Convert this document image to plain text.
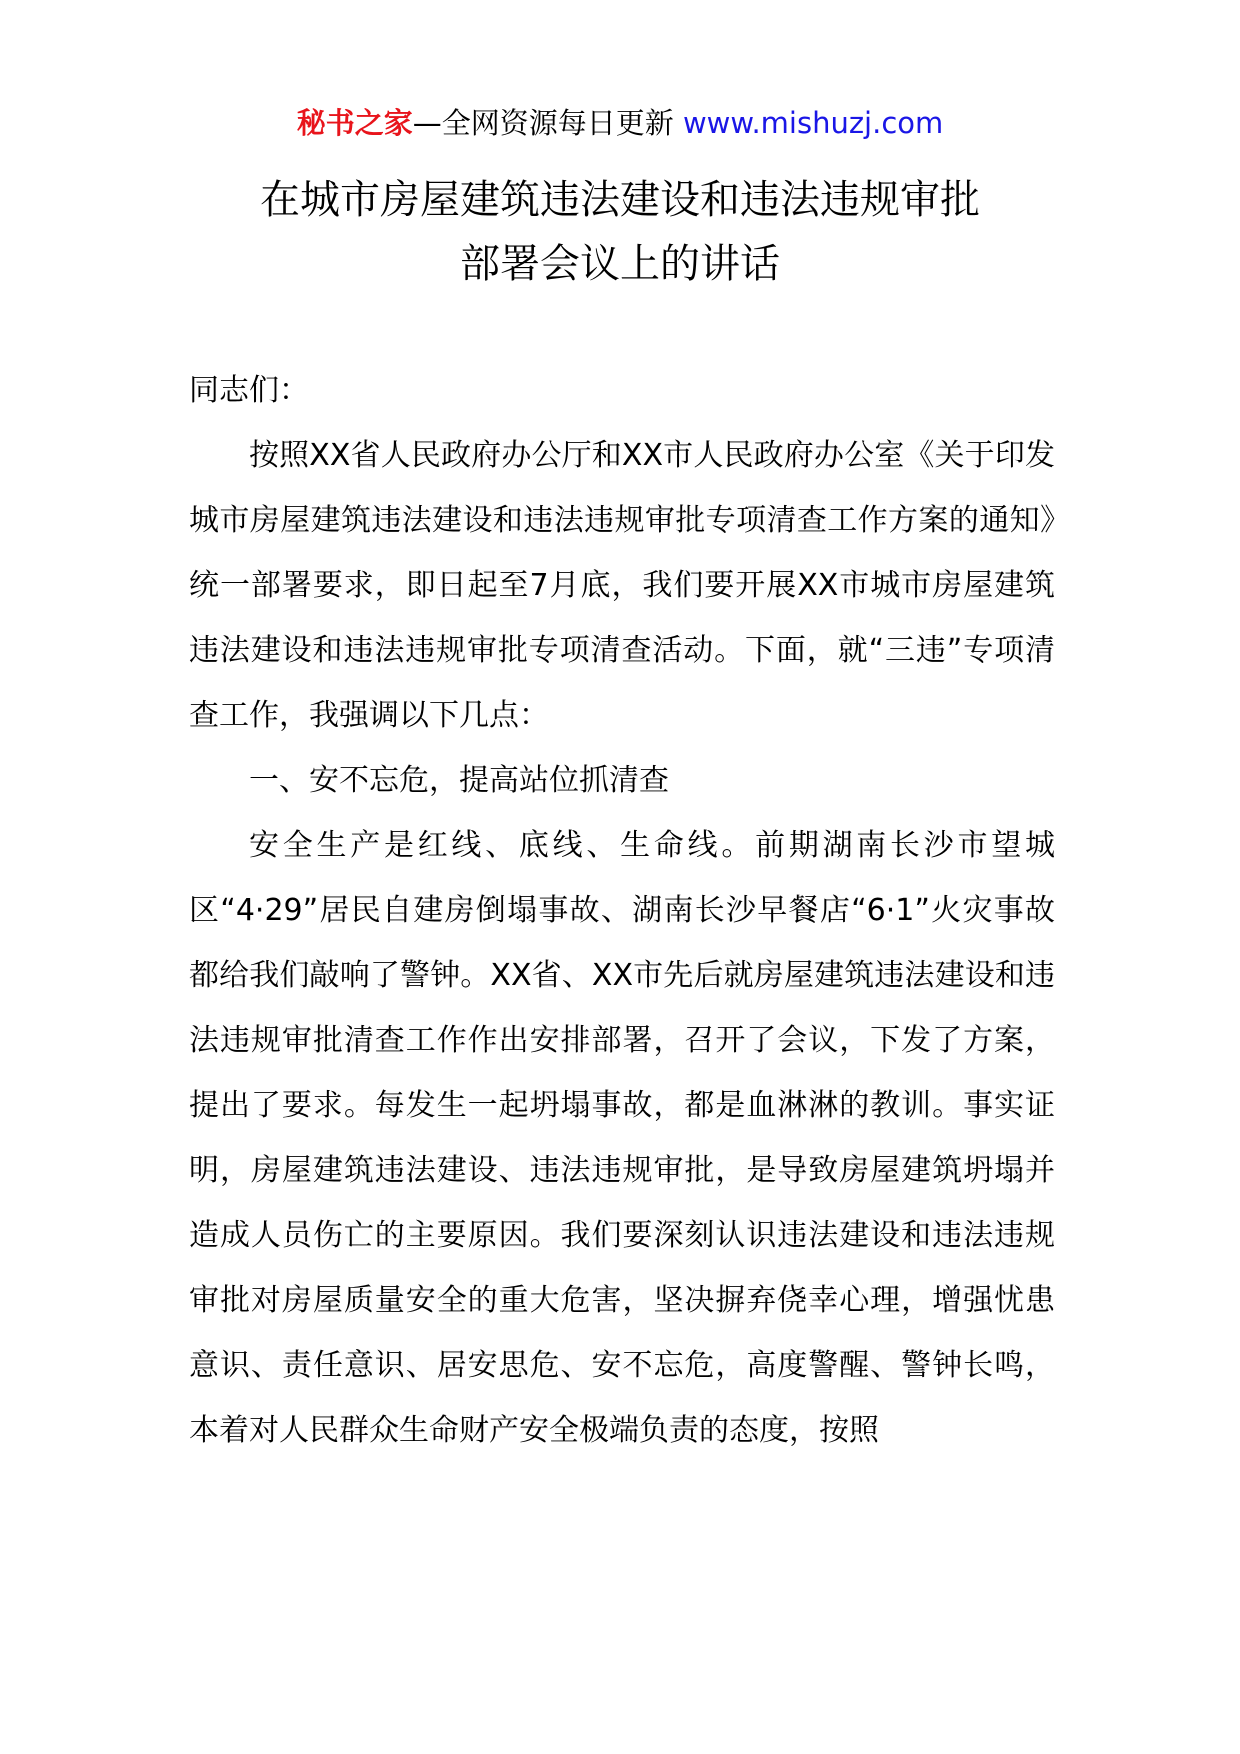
秘书之家—全网资源每日更新 www.mishuzj.com
在城市房屋建筑违法建设和违法违规审批
部署会议上的讲话
同志们：

按照XX省人民政府办公厅和XX市人民政府办公室《关于印发城市房屋建筑违法建设和违法违规审批专项清查工作方案的通知》统一部署要求，即日起至7月底，我们要开展XX市城市房屋建筑违法建设和违法违规审批专项清查活动。下面，就“三违”专项清查工作，我强调以下几点：

一、安不忘危，提高站位抓清查

安全生产是红线、底线、生命线。前期湖南长沙市望城区“4·29”居民自建房倒塌事故、湖南长沙早餐店“6·1”火灾事故都给我们敲响了警钟。XX省、XX市先后就房屋建筑违法建设和违法违规审批清查工作作出安排部署，召开了会议，下发了方案，提出了要求。每发生一起坍塌事故，都是血淋淋的教训。事实证明，房屋建筑违法建设、违法违规审批，是导致房屋建筑坍塌并造成人员伤亡的主要原因。我们要深刻认识违法建设和违法违规审批对房屋质量安全的重大危害，坚决摒弃侥幸心理，增强忧患意识、责任意识、居安思危、安不忘危，高度警醒、警钟长鸣，本着对人民群众生命财产安全极端负责的态度，按照
